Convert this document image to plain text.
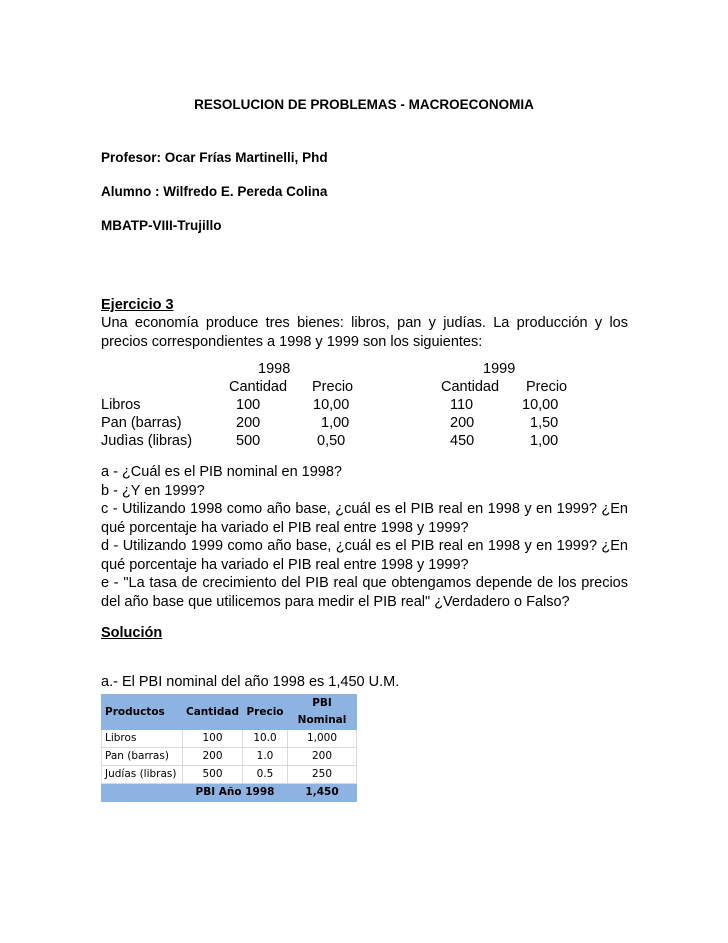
RESOLUCION DE PROBLEMAS - MACROECONOMIA
Profesor: Ocar Frías Martinelli, Phd
Alumno : Wilfredo E. Pereda Colina
MBATP-VIII-Trujillo
Ejercicio 3
Una economía produce tres bienes: libros, pan y judías. La producción y los precios correspondientes a 1998 y 1999 son los siguientes:
1998	1999
Cantidad Precio	Cantidad Precio
Libros	100	10,00	110	10,00
Pan (barras)	200	1,00	200	1,50
Judìas (libras)	500	0,50	450	1,00

a - ¿Cuál es el PIB nominal en 1998?

b - ¿Y en 1999?

c - Utilizando 1998 como año base, ¿cuál es el PIB real en 1998 y en 1999? ¿En qué porcentaje ha variado el PIB real entre 1998 y 1999?

d - Utilizando 1999 como año base, ¿cuál es el PIB real en 1998 y en 1999? ¿En qué porcentaje ha variado el PIB real entre 1998 y 1999?

e - "La tasa de crecimiento del PIB real que obtengamos depende de los precios del año base que utilicemos para medir el PIB real" ¿Verdadero o Falso?

Solución
a.- El PBI nominal del año 1998 es 1,450 U.M.
Productos	Cantidad	Precio	PBI Nominal
Libros	100	10.0	1,000
Pan (barras)	200	1.0	200
Judías (libras)	500	0.5	250
	PBI Año 1998		1,450
